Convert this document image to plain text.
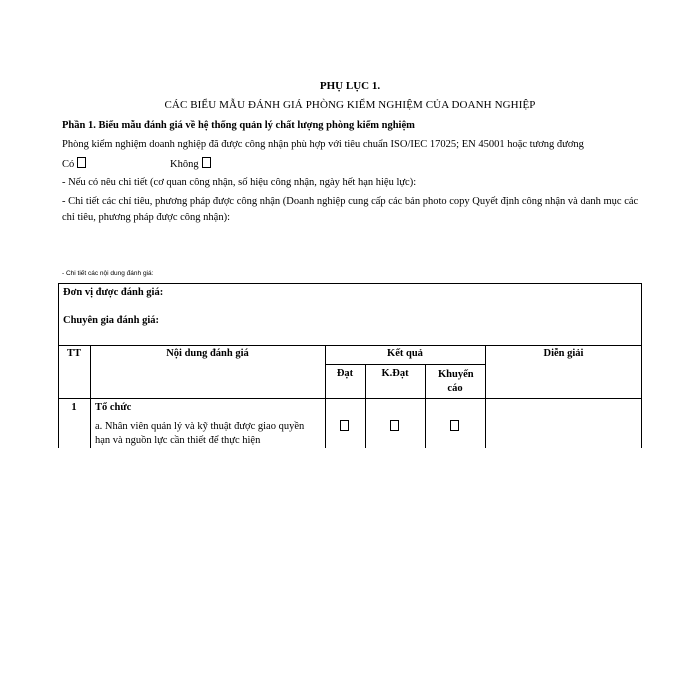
PHỤ LỤC 1.
CÁC BIỂU MẪU ĐÁNH GIÁ PHÒNG KIỂM NGHIỆM CỦA DOANH NGHIỆP
Phần 1. Biểu mẫu đánh giá về hệ thống quản lý chất lượng phòng kiểm nghiệm
Phòng kiểm nghiệm doanh nghiệp đã được công nhận phù hợp với tiêu chuẩn ISO/IEC 17025; EN 45001 hoặc tương đương
Có	Không
- Nếu có nêu chi tiết (cơ quan công nhận, số hiệu công nhận, ngày hết hạn hiệu lực):
- Chi tiết các chỉ tiêu, phương pháp được công nhận (Doanh nghiệp cung cấp các bản photo copy Quyết định công nhận và danh mục các chỉ tiêu, phương pháp được công nhận):
- Chi tiết các nội dung đánh giá:
Đơn vị được đánh giá:
Chuyên gia đánh giá:
TT	Nội dung đánh giá	Kết quả	Diễn giải
Đạt	K.Đạt	Khuyến cáo
1	Tổ chức
a. Nhân viên quản lý và kỹ thuật được giao quyền hạn và nguồn lực cần thiết để thực hiện
